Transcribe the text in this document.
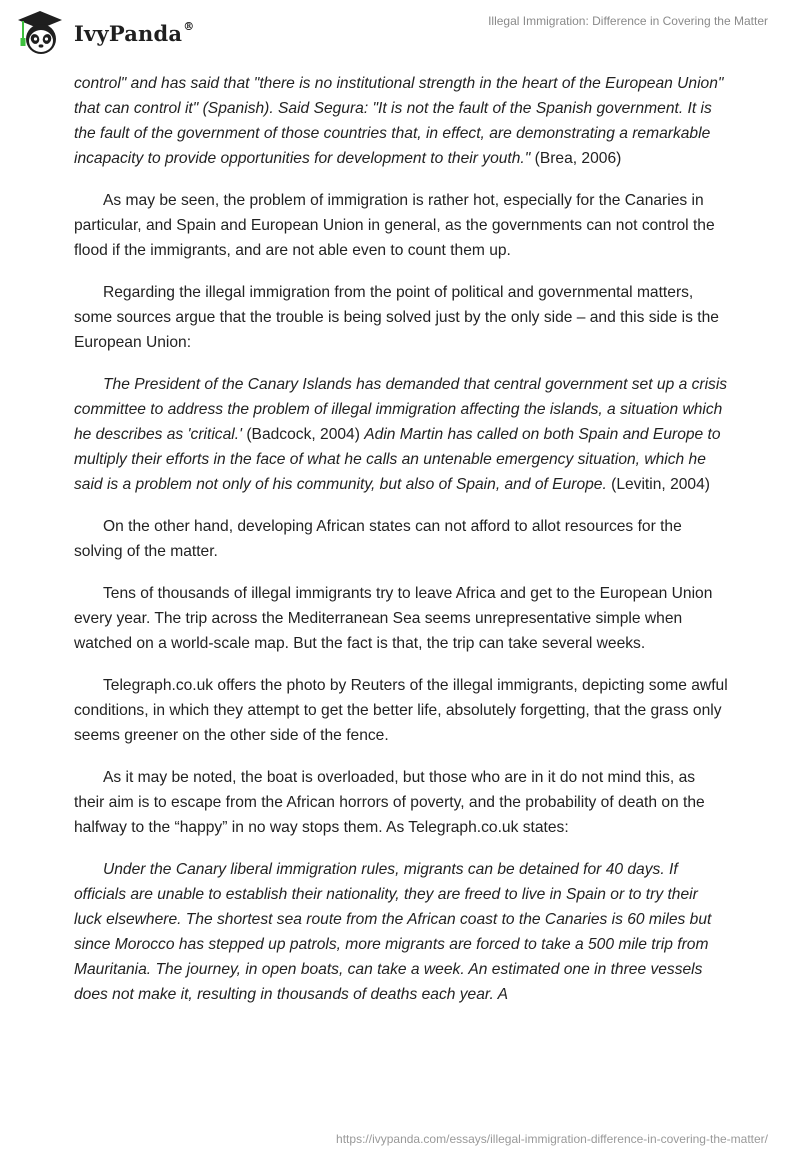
IvyPanda®	Illegal Immigration: Difference in Covering the Matter

control" and has said that "there is no institutional strength in the heart of the European Union" that can control it" (Spanish). Said Segura: "It is not the fault of the Spanish government. It is the fault of the government of those countries that, in effect, are demonstrating a remarkable incapacity to provide opportunities for development to their youth." (Brea, 2006)

As may be seen, the problem of immigration is rather hot, especially for the Canaries in particular, and Spain and European Union in general, as the governments can not control the flood if the immigrants, and are not able even to count them up.

Regarding the illegal immigration from the point of political and governmental matters, some sources argue that the trouble is being solved just by the only side – and this side is the European Union:

The President of the Canary Islands has demanded that central government set up a crisis committee to address the problem of illegal immigration affecting the islands, a situation which he describes as 'critical.' (Badcock, 2004) Adin Martin has called on both Spain and Europe to multiply their efforts in the face of what he calls an untenable emergency situation, which he said is a problem not only of his community, but also of Spain, and of Europe. (Levitin, 2004)

On the other hand, developing African states can not afford to allot resources for the solving of the matter.

Tens of thousands of illegal immigrants try to leave Africa and get to the European Union every year. The trip across the Mediterranean Sea seems unrepresentative simple when watched on a world-scale map. But the fact is that, the trip can take several weeks.

Telegraph.co.uk offers the photo by Reuters of the illegal immigrants, depicting some awful conditions, in which they attempt to get the better life, absolutely forgetting, that the grass only seems greener on the other side of the fence.

As it may be noted, the boat is overloaded, but those who are in it do not mind this, as their aim is to escape from the African horrors of poverty, and the probability of death on the halfway to the “happy” in no way stops them. As Telegraph.co.uk states:

Under the Canary liberal immigration rules, migrants can be detained for 40 days. If officials are unable to establish their nationality, they are freed to live in Spain or to try their luck elsewhere. The shortest sea route from the African coast to the Canaries is 60 miles but since Morocco has stepped up patrols, more migrants are forced to take a 500 mile trip from Mauritania. The journey, in open boats, can take a week. An estimated one in three vessels does not make it, resulting in thousands of deaths each year. A

https://ivypanda.com/essays/illegal-immigration-difference-in-covering-the-matter/
